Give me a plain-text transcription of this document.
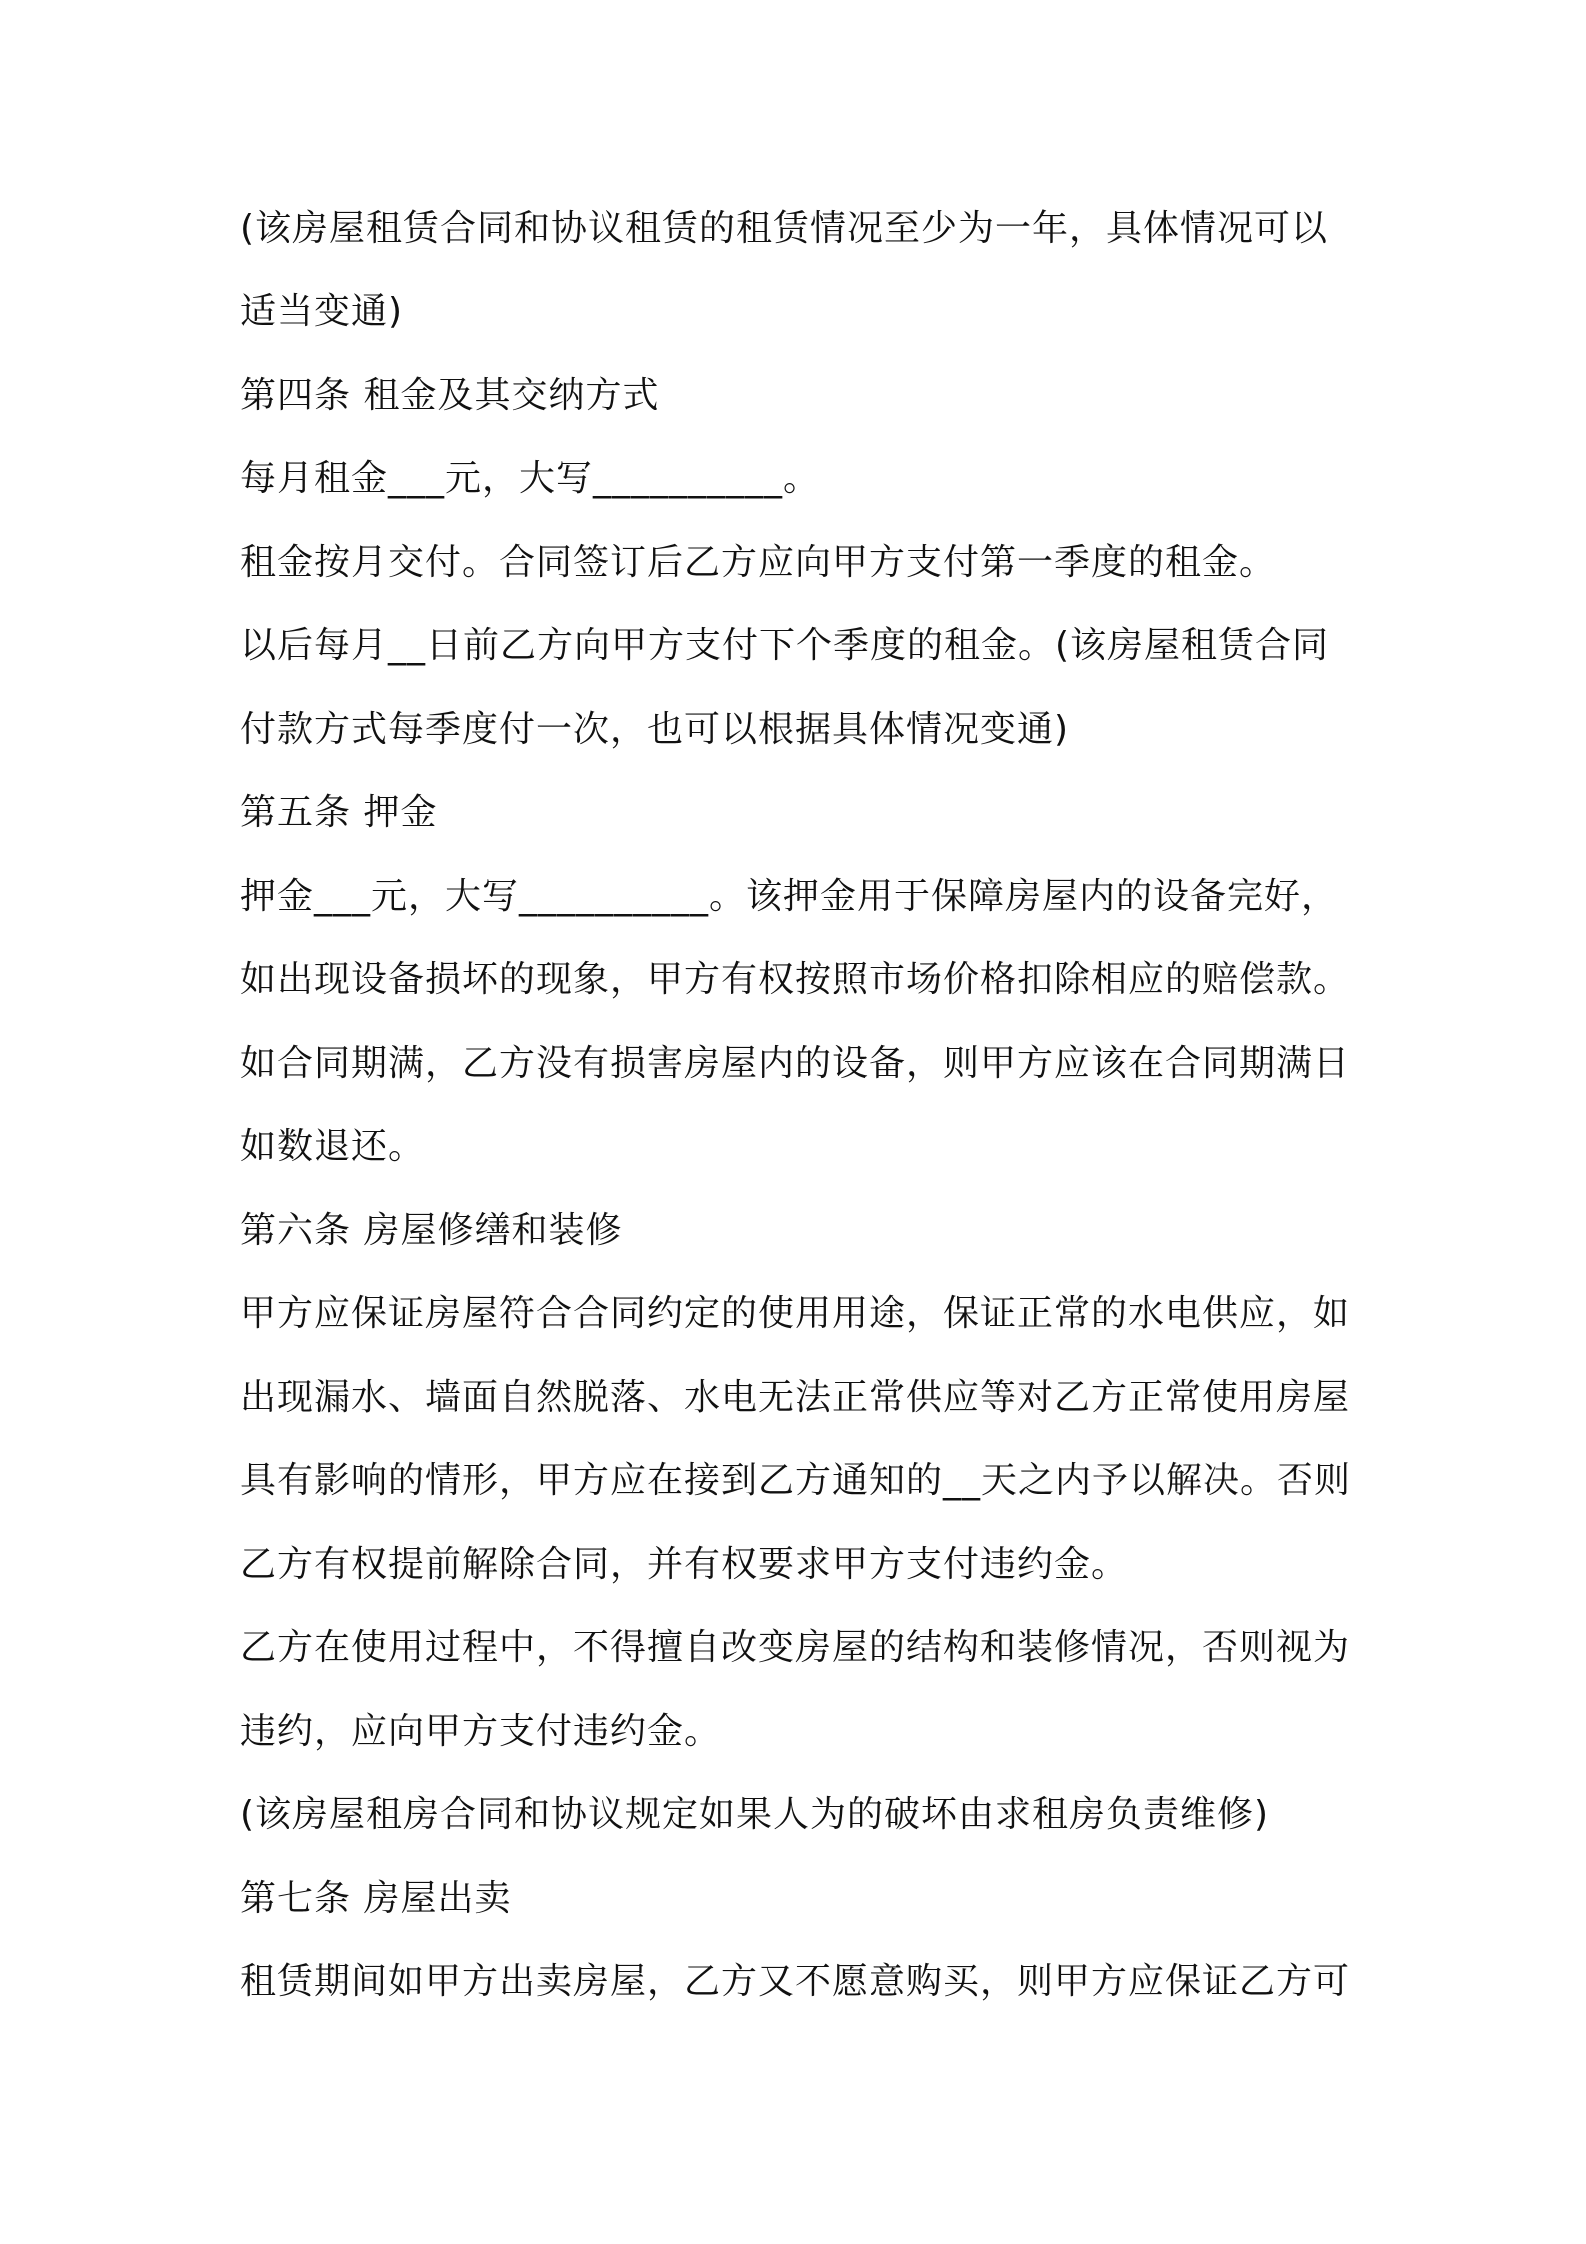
(该房屋租赁合同和协议租赁的租赁情况至少为一年，具体情况可以
适当变通)
第四条 租金及其交纳方式
每月租金___元，大写__________。
租金按月交付。合同签订后乙方应向甲方支付第一季度的租金。
以后每月__日前乙方向甲方支付下个季度的租金。(该房屋租赁合同
付款方式每季度付一次，也可以根据具体情况变通)
第五条 押金
押金___元，大写__________。该押金用于保障房屋内的设备完好，
如出现设备损坏的现象，甲方有权按照市场价格扣除相应的赔偿款。
如合同期满，乙方没有损害房屋内的设备，则甲方应该在合同期满日
如数退还。
第六条 房屋修缮和装修
甲方应保证房屋符合合同约定的使用用途，保证正常的水电供应，如
出现漏水、墙面自然脱落、水电无法正常供应等对乙方正常使用房屋
具有影响的情形，甲方应在接到乙方通知的__天之内予以解决。否则
乙方有权提前解除合同，并有权要求甲方支付违约金。
乙方在使用过程中，不得擅自改变房屋的结构和装修情况，否则视为
违约，应向甲方支付违约金。
(该房屋租房合同和协议规定如果人为的破坏由求租房负责维修)
第七条 房屋出卖
租赁期间如甲方出卖房屋，乙方又不愿意购买，则甲方应保证乙方可
